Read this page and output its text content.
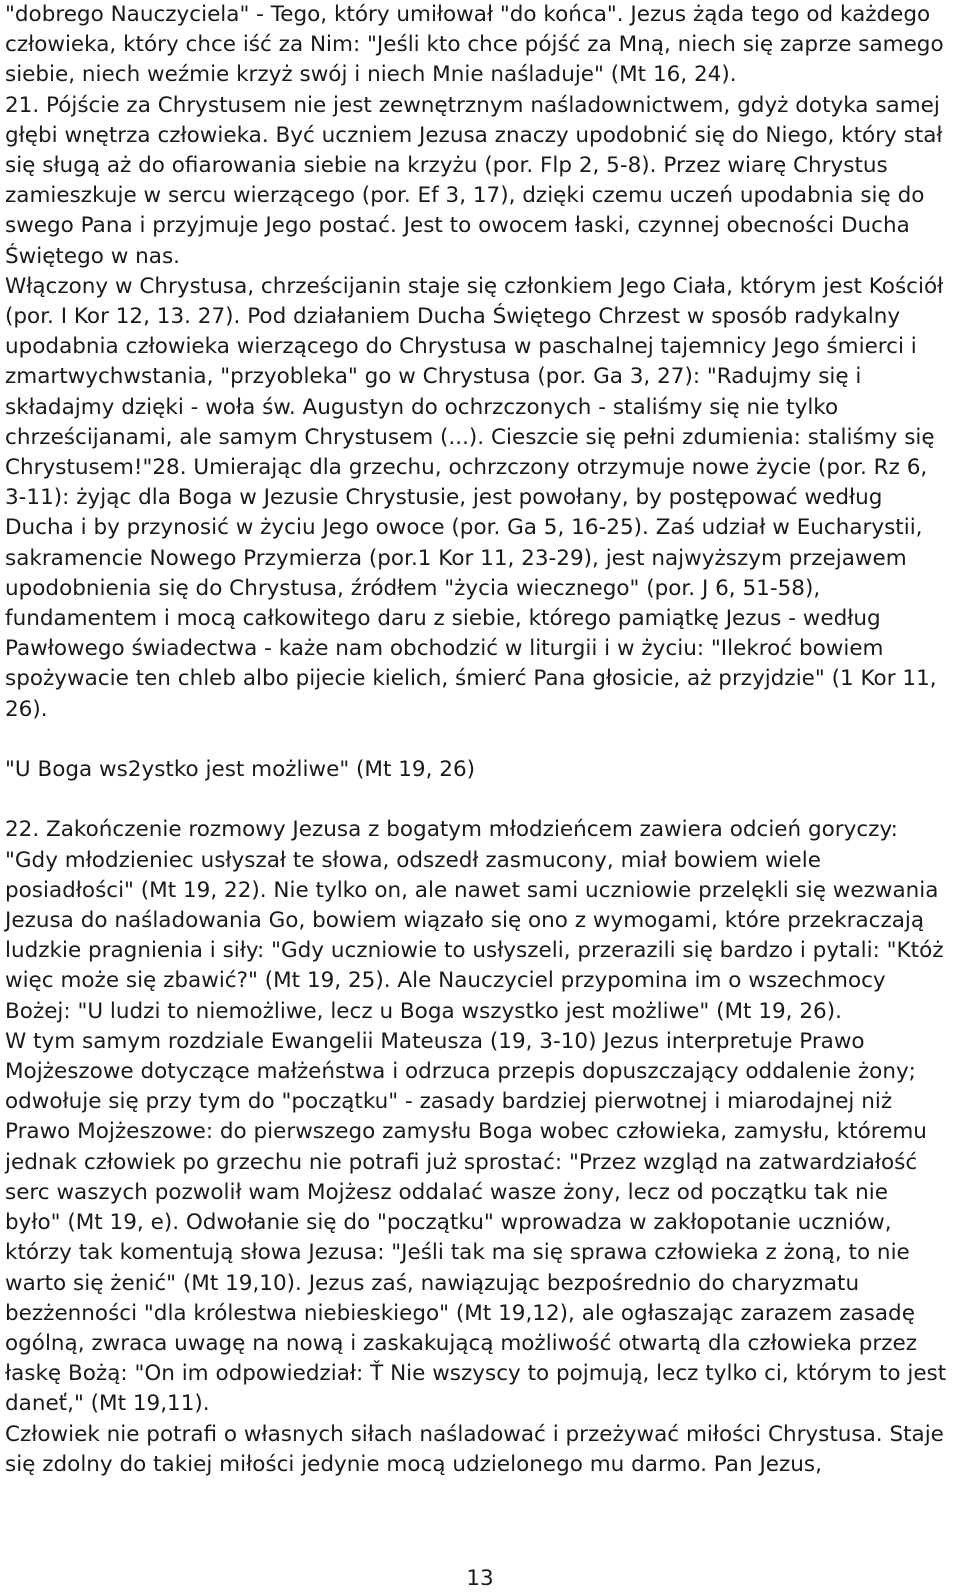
"dobrego Nauczyciela" - Tego, który umiłował "do końca". Jezus żąda tego od każdego człowieka, który chce iść za Nim: "Jeśli kto chce pójść za Mną, niech się zaprze samego siebie, niech weźmie krzyż swój i niech Mnie naśladuje" (Mt 16, 24).

21. Pójście za Chrystusem nie jest zewnętrznym naśladownictwem, gdyż dotyka samej głębi wnętrza człowieka. Być uczniem Jezusa znaczy upodobnić się do Niego, który stał się sługą aż do ofiarowania siebie na krzyżu (por. Flp 2, 5-8). Przez wiarę Chrystus zamieszkuje w sercu wierzącego (por. Ef 3, 17), dzięki czemu uczeń upodabnia się do swego Pana i przyjmuje Jego postać. Jest to owocem łaski, czynnej obecności Ducha Świętego w nas.

Włączony w Chrystusa, chrześcijanin staje się członkiem Jego Ciała, którym jest Kościół (por. I Kor 12, 13. 27). Pod działaniem Ducha Świętego Chrzest w sposób radykalny upodabnia człowieka wierzącego do Chrystusa w paschalnej tajemnicy Jego śmierci i zmartwychwstania, "przyobleka" go w Chrystusa (por. Ga 3, 27): "Radujmy się i składajmy dzięki - woła św. Augustyn do ochrzczonych - staliśmy się nie tylko chrześcijanami, ale samym Chrystusem (...). Cieszcie się pełni zdumienia: staliśmy się Chrystusem!"28. Umierając dla grzechu, ochrzczony otrzymuje nowe życie (por. Rz 6, 3-11): żyjąc dla Boga w Jezusie Chrystusie, jest powołany, by postępować według Ducha i by przynosić w życiu Jego owoce (por. Ga 5, 16-25). Zaś udział w Eucharystii, sakramencie Nowego Przymierza (por.1 Kor 11, 23-29), jest najwyższym przejawem upodobnienia się do Chrystusa, źródłem "życia wiecznego" (por. J 6, 51-58), fundamentem i mocą całkowitego daru z siebie, którego pamiątkę Jezus - według Pawłowego świadectwa - każe nam obchodzić w liturgii i w życiu: "Ilekroć bowiem spożywacie ten chleb albo pijecie kielich, śmierć Pana głosicie, aż przyjdzie" (1 Kor 11, 26).

"U Boga ws2ystko jest możliwe" (Mt 19, 26)

22. Zakończenie rozmowy Jezusa z bogatym młodzieńcem zawiera odcień goryczy: "Gdy młodzieniec usłyszał te słowa, odszedł zasmucony, miał bowiem wiele posiadłości" (Mt 19, 22). Nie tylko on, ale nawet sami uczniowie przelękli się wezwania Jezusa do naśladowania Go, bowiem wiązało się ono z wymogami, które przekraczają ludzkie pragnienia i siły: "Gdy uczniowie to usłyszeli, przerazili się bardzo i pytali: "Któż więc może się zbawić?" (Mt 19, 25). Ale Nauczyciel przypomina im o wszechmocy Bożej: "U ludzi to niemożliwe, lecz u Boga wszystko jest możliwe" (Mt 19, 26).

W tym samym rozdziale Ewangelii Mateusza (19, 3-10) Jezus interpretuje Prawo Mojżeszowe dotyczące małżeństwa i odrzuca przepis dopuszczający oddalenie żony; odwołuje się przy tym do "początku" - zasady bardziej pierwotnej i miarodajnej niż Prawo Mojżeszowe: do pierwszego zamysłu Boga wobec człowieka, zamysłu, któremu jednak człowiek po grzechu nie potrafi już sprostać: "Przez wzgląd na zatwardziałość serc waszych pozwolił wam Mojżesz oddalać wasze żony, lecz od początku tak nie było" (Mt 19, e). Odwołanie się do "początku" wprowadza w zakłopotanie uczniów, którzy tak komentują słowa Jezusa: "Jeśli tak ma się sprawa człowieka z żoną, to nie warto się żenić" (Mt 19,10). Jezus zaś, nawiązując bezpośrednio do charyzmatu bezżenności "dla królestwa niebieskiego" (Mt 19,12), ale ogłaszając zarazem zasadę ogólną, zwraca uwagę na nową i zaskakującą możliwość otwartą dla człowieka przez łaskę Bożą: "On im odpowiedział: Ť Nie wszyscy to pojmują, lecz tylko ci, którym to jest daneť," (Mt 19,11).

Człowiek nie potrafi o własnych siłach naśladować i przeżywać miłości Chrystusa. Staje się zdolny do takiej miłości jedynie mocą udzielonego mu darmo. Pan Jezus,

13
